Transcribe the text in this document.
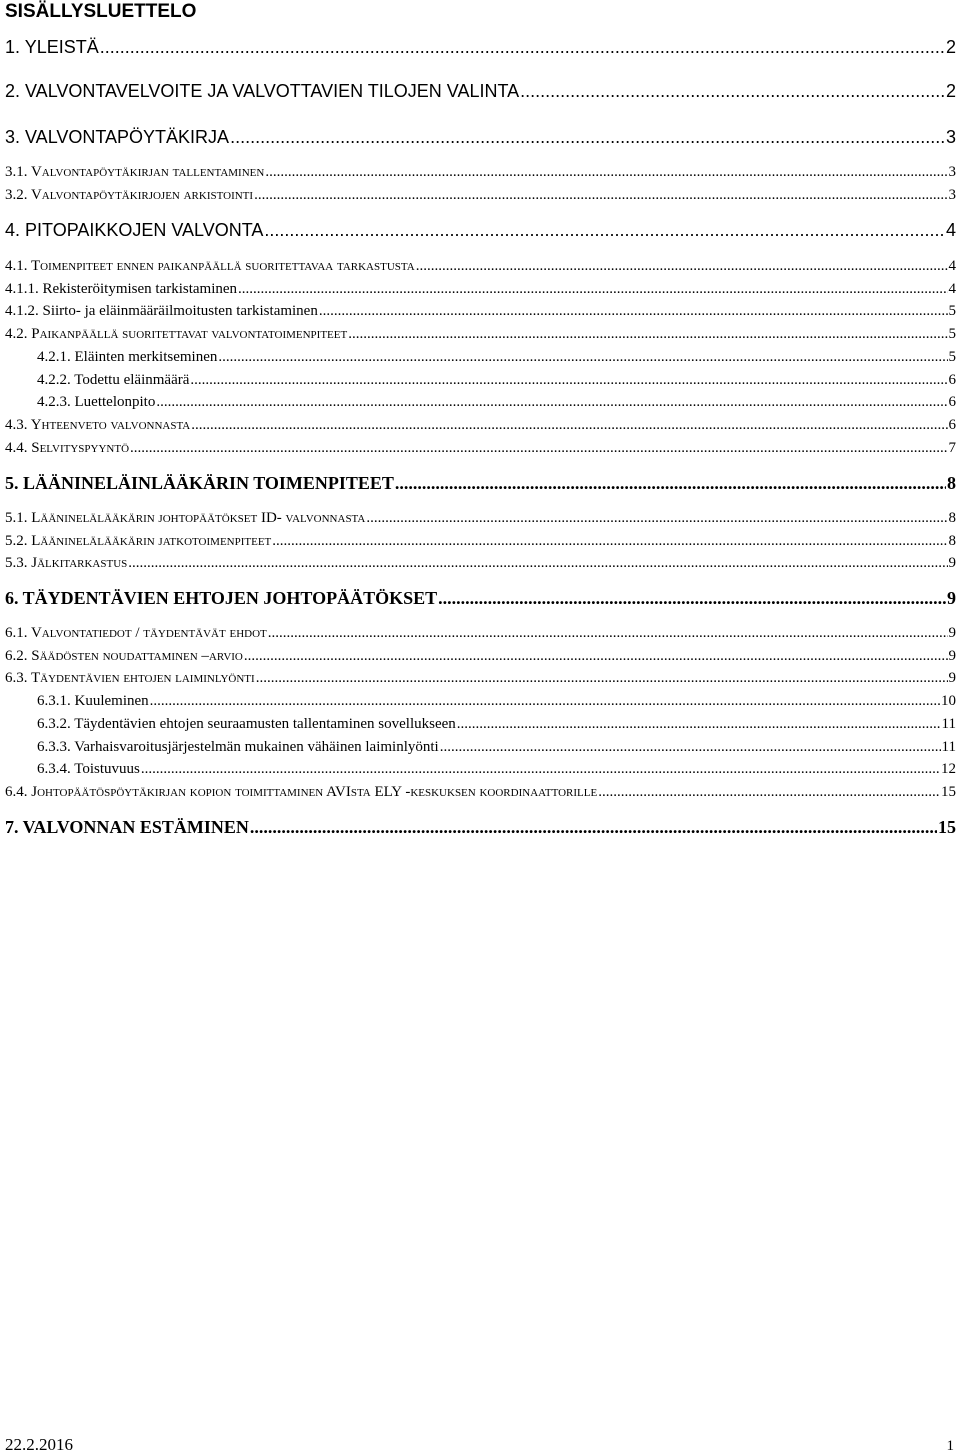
SISÄLLYSLUETTELO
1. YLEISTÄ .....	2
2. VALVONTAVELVOITE JA VALVOTTAVIEN TILOJEN VALINTA .....	2
3. VALVONTAPÖYTÄKIRJA .....	3
3.1. Valvontapöytäkirjan tallentaminen .....	3
3.2. Valvontapöytäkirjojen arkistointi .....	3
4. PITOPAIKKOJEN VALVONTA .....	4
4.1. Toimenpiteet ennen paikanpäällä suoritettavaa tarkastusta .....	4
4.1.1. Rekisteröitymisen tarkistaminen .....	4
4.1.2. Siirto- ja eläinmääräilmoitusten tarkistaminen .....	5
4.2. Paikanpäällä suoritettavat valvontatoimenpiteet .....	5
4.2.1. Eläinten merkitseminen .....	5
4.2.2. Todettu eläinmäärä .....	6
4.2.3. Luettelonpito .....	6
4.3. Yhteenveto valvonnasta .....	6
4.4. Selvityspyyntö .....	7
5. LÄÄNINELÄINLÄÄKÄRIN TOIMENPITEET .....	8
5.1. Lääninelälääkärin johtopäätökset ID- valvonnasta .....	8
5.2. Lääninelälääkärin jatkotoimenpiteet .....	8
5.3. Jälkitarkastus .....	9
6. TÄYDENTÄVIEN EHTOJEN JOHTOPÄÄTÖKSET .....	9
6.1. Valvontatiedot / täydentävät ehdot .....	9
6.2. Säädösten noudattaminen –arvio .....	9
6.3. Täydentävien ehtojen laiminlyönti .....	9
6.3.1. Kuuleminen .....	10
6.3.2. Täydentävien ehtojen seuraamusten tallentaminen sovellukseen .....	11
6.3.3. Varhaisvaroitusjärjestelmän mukainen vähäinen laiminlyönti .....	11
6.3.4. Toistuvuus .....	12
6.4. Johtopäätöspöytäkirjan kopion toimittaminen AVIsta ELY -keskuksen koordinaattorille .....	15
7. VALVONNAN ESTÄMINEN .....	15
22.2.2016	1
